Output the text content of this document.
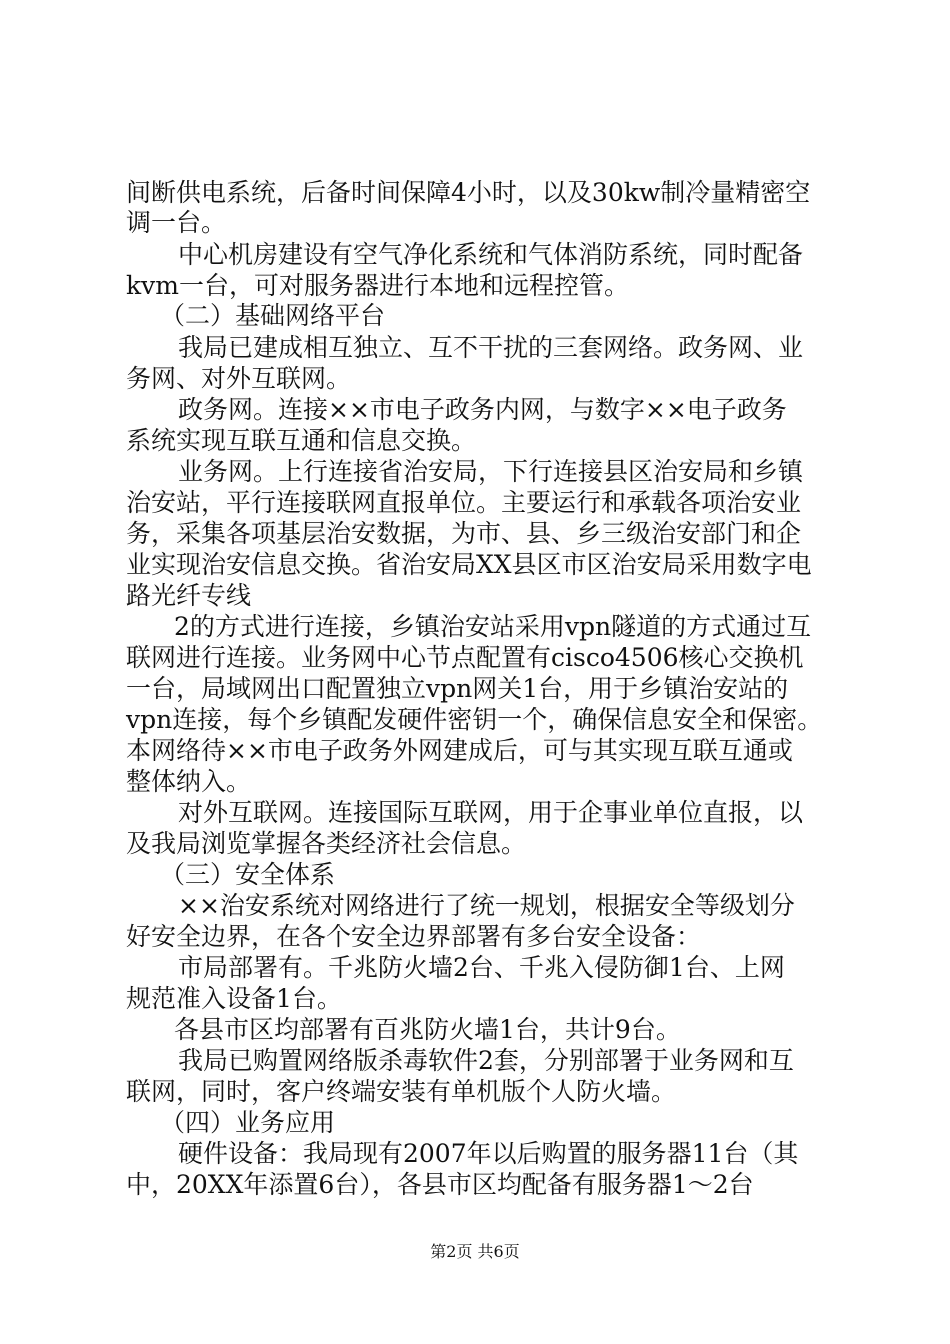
间断供电系统，后备时间保障4小时，以及30kw制冷量精密空
调一台。
中心机房建设有空气净化系统和气体消防系统，同时配备
kvm一台，可对服务器进行本地和远程控管。
（二）基础网络平台
我局已建成相互独立、互不干扰的三套网络。政务网、业
务网、对外互联网。
政务网。连接××市电子政务内网，与数字××电子政务
系统实现互联互通和信息交换。
业务网。上行连接省治安局，下行连接县区治安局和乡镇
治安站，平行连接联网直报单位。主要运行和承载各项治安业
务，采集各项基层治安数据，为市、县、乡三级治安部门和企
业实现治安信息交换。省治安局XX县区市区治安局采用数字电
路光纤专线
2的方式进行连接，乡镇治安站采用vpn隧道的方式通过互
联网进行连接。业务网中心节点配置有cisco4506核心交换机
一台，局域网出口配置独立vpn网关1台，用于乡镇治安站的
vpn连接，每个乡镇配发硬件密钥一个，确保信息安全和保密。
本网络待××市电子政务外网建成后，可与其实现互联互通或
整体纳入。
对外互联网。连接国际互联网，用于企事业单位直报，以
及我局浏览掌握各类经济社会信息。
（三）安全体系
××治安系统对网络进行了统一规划，根据安全等级划分
好安全边界，在各个安全边界部署有多台安全设备：
市局部署有。千兆防火墙2台、千兆入侵防御1台、上网
规范准入设备1台。
各县市区均部署有百兆防火墙1台，共计9台。
我局已购置网络版杀毒软件2套，分别部署于业务网和互
联网，同时，客户终端安装有单机版个人防火墙。
（四）业务应用
硬件设备：我局现有2007年以后购置的服务器11台（其
中，20XX年添置6台），各县市区均配备有服务器1～2台
第2页 共6页
